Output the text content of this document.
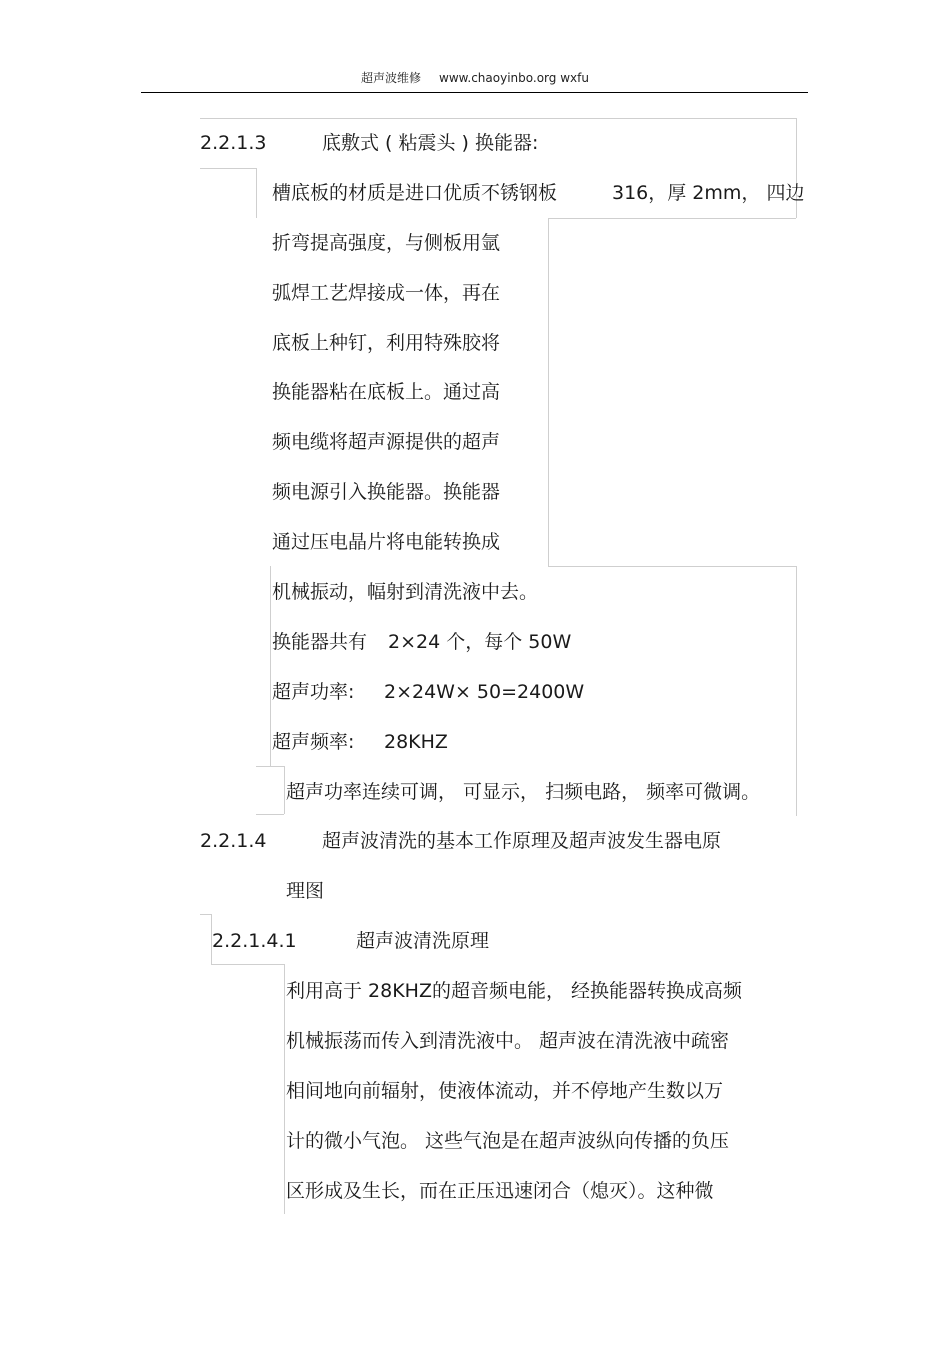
超声波维修 www.chaoyinbo.org wxfu
2.2.1.3	底敷式 ( 粘震头 ) 换能器:
槽底板的材质是进口优质不锈钢板	316，厚 2mm， 四边
折弯提高强度，与侧板用氩
弧焊工艺焊接成一体，再在
底板上种钉，利用特殊胶将
换能器粘在底板上。通过高
频电缆将超声源提供的超声
频电源引入换能器。换能器
通过压电晶片将电能转换成
机械振动，幅射到清洗液中去。
换能器共有 2×24 个，每个 50W
超声功率: 2×24W× 50=2400W
超声频率: 28KHZ
超声功率连续可调， 可显示， 扫频电路， 频率可微调。
2.2.1.4	超声波清洗的基本工作原理及超声波发生器电原
理图
2.2.1.4.1	超声波清洗原理
利用高于 28KHZ的超音频电能， 经换能器转换成高频
机械振荡而传入到清洗液中。 超声波在清洗液中疏密
相间地向前辐射，使液体流动，并不停地产生数以万
计的微小气泡。 这些气泡是在超声波纵向传播的负压
区形成及生长，而在正压迅速闭合（熄灭）。这种微
